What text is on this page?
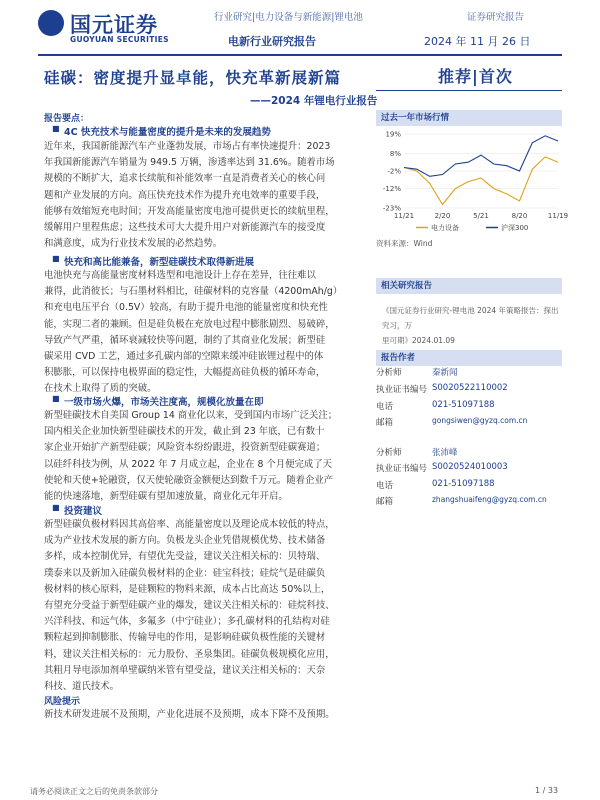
国元证券
GUOYUAN SECURITIES
行业研究|电力设备与新能源|锂电池	证券研究报告
电新行业研究报告	2024 年 11 月 26 日
硅碳：密度提升显卓能，快充革新展新篇
——2024 年锂电行业报告
推荐|首次
报告要点：
■ 4C 快充技术与能量密度的提升是未来的发展趋势
近年来，我国新能源汽车产业蓬勃发展，市场占有率快速提升：2023
年我国新能源汽车销量为 949.5 万辆，渗透率达到 31.6%。随着市场
规模的不断扩大，追求长续航和补能效率一直是消费者关心的核心问
题和产业发展的方向。高压快充技术作为提升充电效率的重要手段，
能够有效缩短充电时间；开发高能量密度电池可提供更长的续航里程，
缓解用户里程焦虑；这些技术可大大提升用户对新能源汽车的接受度
和满意度，成为行业技术发展的必然趋势。
■ 快充和高比能兼备，新型硅碳技术取得新进展
电池快充与高能量密度材料选型和电池设计上存在差异，往往难以
兼得，此消彼长；与石墨材料相比，硅碳材料的克容量（4200mAh/g）
和充电电压平台（0.5V）较高，有助于提升电池的能量密度和快充性
能，实现二者的兼顾。但是硅负极在充放电过程中膨胀剧烈、易破碎，
导致产气严重，循环衰减较快等问题，制约了其商业化发展；新型硅
碳采用 CVD 工艺，通过多孔碳内部的空隙来缓冲硅嵌锂过程中的体
积膨胀，可以保持电极界面的稳定性，大幅提高硅负极的循环寿命，
在技术上取得了质的突破。
■ 一级市场火爆，市场关注度高，规模化放量在即
新型硅碳技术自美国 Group 14 商业化以来，受到国内市场广泛关注；
国内相关企业加快新型硅碳技术的开发，截止到 23 年底，已有数十
家企业开始扩产新型硅碳；风险资本纷纷跟进，投资新型硅碳赛道；
以硅纤科技为例，从 2022 年 7 月成立起，企业在 8 个月便完成了天
使轮和天使+轮融资，仅天使轮融资金额便达到数千万元。随着企业产
能的快速落地，新型硅碳有望加速放量，商业化元年开启。
■ 投资建议
新型硅碳负极材料因其高倍率、高能量密度以及理论成本较低的特点，
成为产业技术发展的新方向。负极龙头企业凭借规模优势、技术储备
多样，成本控制优异，有望优先受益，建议关注相关标的：贝特瑞、
璞泰来以及新加入硅碳负极材料的企业：硅宝科技；硅烷气是硅碳负
极材料的核心原料，是硅颗粒的物料来源，成本占比高达 50%以上，
有望充分受益于新型硅碳产业的爆发，建议关注相关标的：硅烷科技、
兴洋科技、和远气体，多氟多（中宁硅业）；多孔碳材料的孔结构对硅
颗粒起到抑制膨胀、传输导电的作用，是影响硅碳负极性能的关键材
料，建议关注相关标的：元力股份、圣泉集团。硅碳负极规模化应用，
其粗月导电添加剂单壁碳纳米管有望受益，建议关注相关标的：天奈
科技、道氏技术。
风险提示
新技术研发进展不及预期，产业化进展不及预期，成本下降不及预期。
过去一年市场行情
19%
8%
-2%
-12%
-23%
11/21	2/20	5/21	8/20	11/19
电力设备	沪深300
资料来源：Wind
相关研究报告
《国元证券行业研究-锂电池 2024 年策略报告：探出究习，万
里可期》2024.01.09
报告作者
分析师	秦新闻
执业证书编号 S0020522110002
电话	021-51097188
邮箱	gongsiwen@gyzq.com.cn
分析师	张沛峰
执业证书编号 S0020524010003
电话	021-51097188
邮箱	zhangshuaifeng@gyzq.com.cn
请务必阅读正文之后的免责条款部分	1 / 33
